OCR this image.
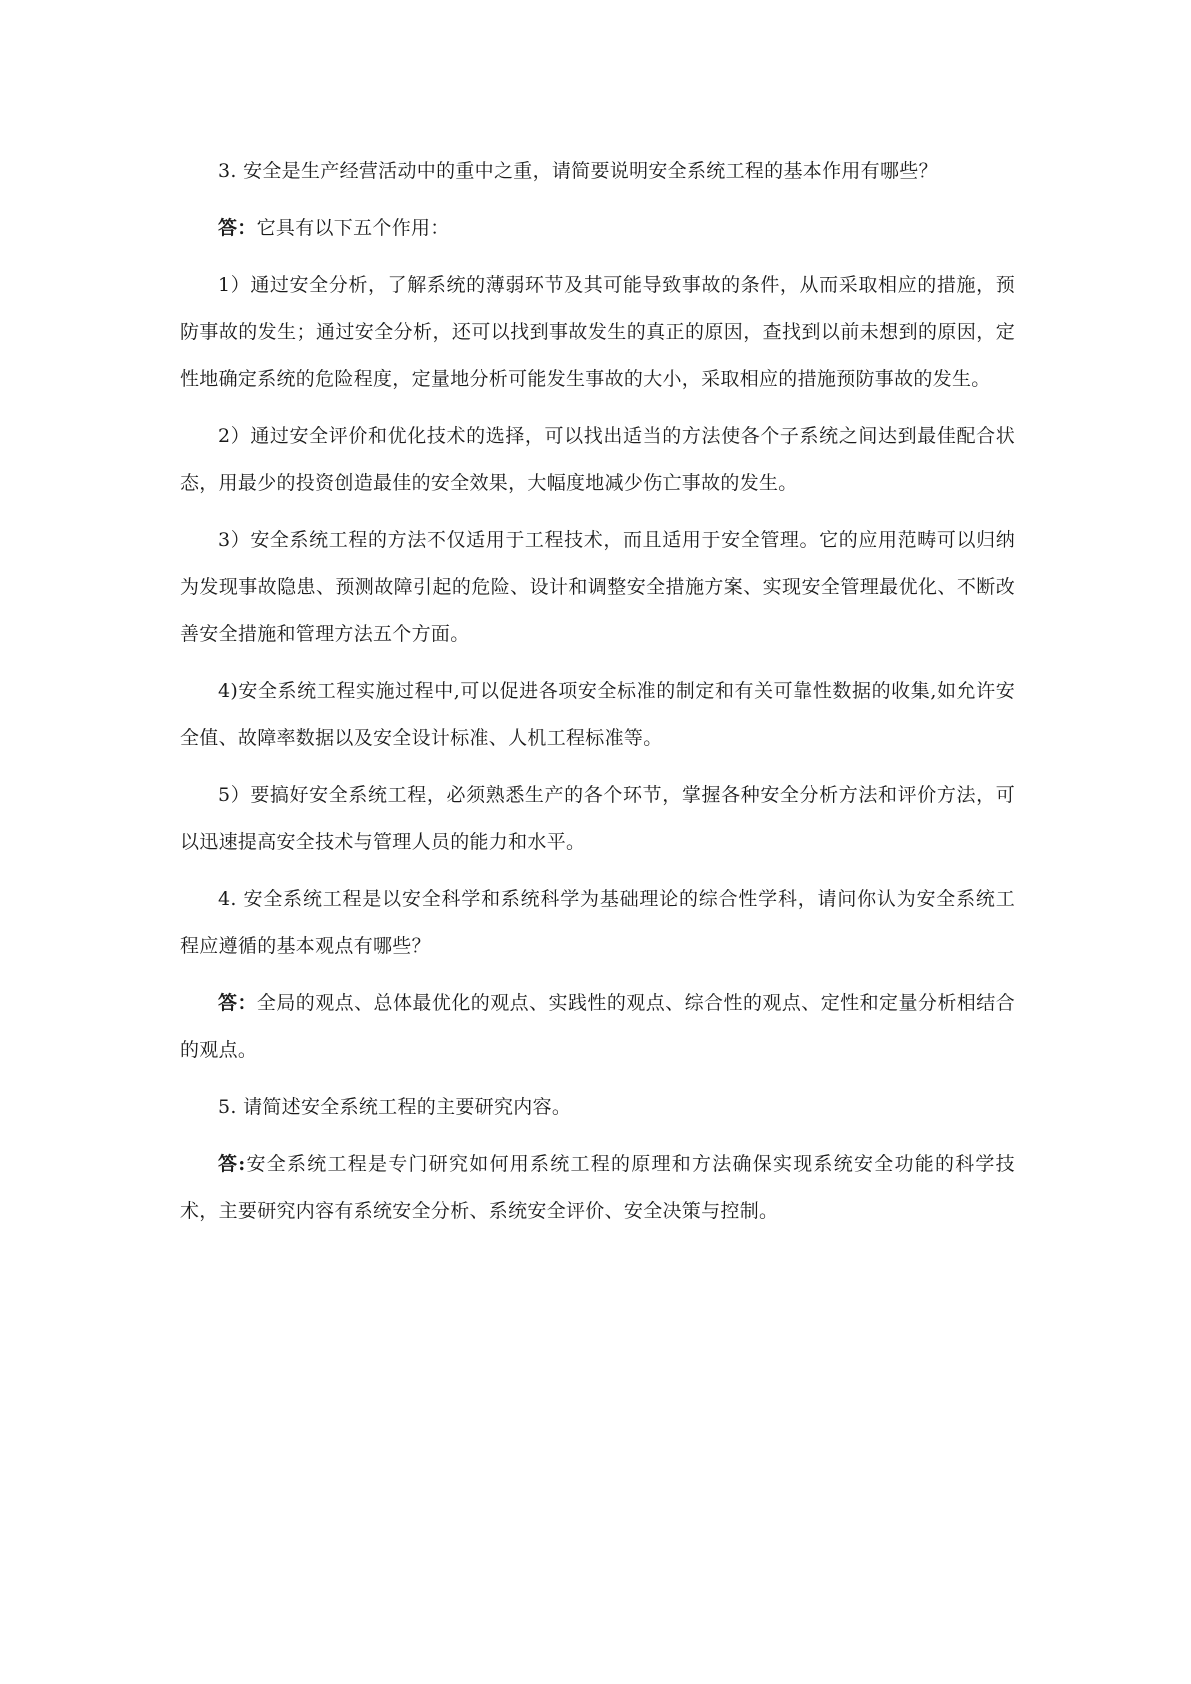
3. 安全是生产经营活动中的重中之重，请简要说明安全系统工程的基本作用有哪些？

答：它具有以下五个作用：

1）通过安全分析，了解系统的薄弱环节及其可能导致事故的条件，从而采取相应的措施，预防事故的发生；通过安全分析，还可以找到事故发生的真正的原因，查找到以前未想到的原因，定性地确定系统的危险程度，定量地分析可能发生事故的大小，采取相应的措施预防事故的发生。

2）通过安全评价和优化技术的选择，可以找出适当的方法使各个子系统之间达到最佳配合状态，用最少的投资创造最佳的安全效果，大幅度地减少伤亡事故的发生。

3）安全系统工程的方法不仅适用于工程技术，而且适用于安全管理。它的应用范畴可以归纳为发现事故隐患、预测故障引起的危险、设计和调整安全措施方案、实现安全管理最优化、不断改善安全措施和管理方法五个方面。

4)安全系统工程实施过程中,可以促进各项安全标准的制定和有关可靠性数据的收集,如允许安全值、故障率数据以及安全设计标准、人机工程标准等。

5）要搞好安全系统工程，必须熟悉生产的各个环节，掌握各种安全分析方法和评价方法，可以迅速提高安全技术与管理人员的能力和水平。

4. 安全系统工程是以安全科学和系统科学为基础理论的综合性学科，请问你认为安全系统工程应遵循的基本观点有哪些？

答：全局的观点、总体最优化的观点、实践性的观点、综合性的观点、定性和定量分析相结合的观点。

5. 请简述安全系统工程的主要研究内容。

答:安全系统工程是专门研究如何用系统工程的原理和方法确保实现系统安全功能的科学技术，主要研究内容有系统安全分析、系统安全评价、安全决策与控制。
